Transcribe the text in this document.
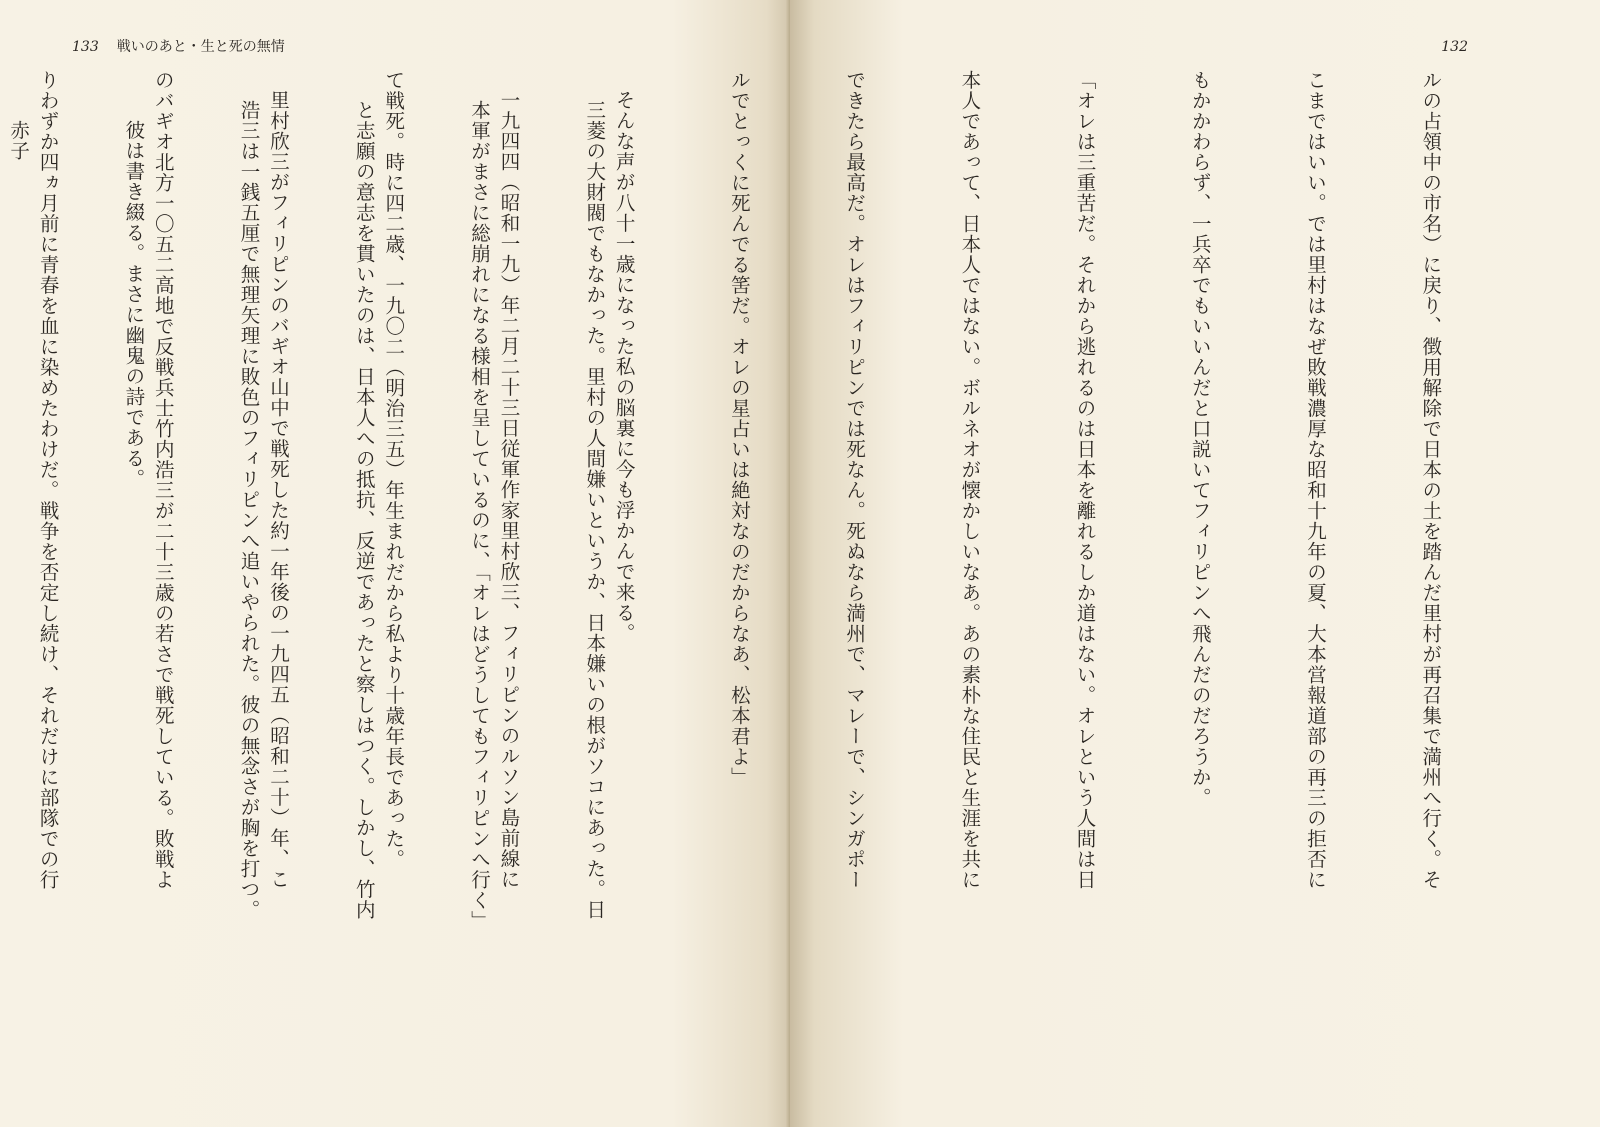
133 戦いのあと・生と死の無情

三菱の大財閥でもなかった。里村の人間嫌いというか、日本嫌いの根がソコにあった。日

本軍がまさに総崩れになる様相を呈しているのに、「オレはどうしてもフィリピンへ行く」

と志願の意志を貫いたのは、日本人への抵抗、反逆であったと察しはつく。しかし、竹内

浩三は一銭五厘で無理矢理に敗色のフィリピンへ追いやられた。彼の無念さが胸を打つ。

彼は書き綴る。まさに幽鬼の詩である。

赤子

132

ルの占領中の市名）に戻り、徴用解除で日本の土を踏んだ里村が再召集で満州へ行く。そ

こまではいい。では里村はなぜ敗戦濃厚な昭和十九年の夏、大本営報道部の再三の拒否に

もかかわらず、一兵卒でもいいんだと口説いてフィリピンへ飛んだのだろうか。

「オレは三重苦だ。それから逃れるのは日本を離れるしか道はない。オレという人間は日

本人であって、日本人ではない。ボルネオが懐かしいなあ。あの素朴な住民と生涯を共に

できたら最高だ。オレはフィリピンでは死なん。死ぬなら満州で、マレーで、シンガポー

ルでとっくに死んでる筈だ。オレの星占いは絶対なのだからなあ、松本君よ」

そんな声が八十一歳になった私の脳裏に今も浮かんで来る。

一九四四（昭和一九）年二月二十三日従軍作家里村欣三、フィリピンのルソン島前線に

て戦死。時に四二歳、一九〇二（明治三五）年生まれだから私より十歳年長であった。

里村欣三がフィリピンのバギオ山中で戦死した約一年後の一九四五（昭和二十）年、こ

のバギオ北方一〇五二高地で反戦兵士竹内浩三が二十三歳の若さで戦死している。敗戦よ

りわずか四ヵ月前に青春を血に染めたわけだ。戦争を否定し続け、それだけに部隊での行
